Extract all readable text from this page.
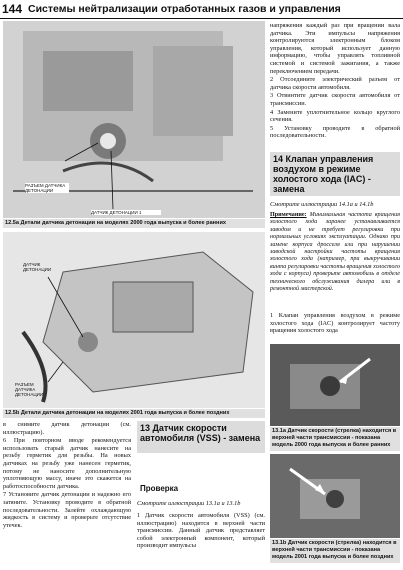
144 Системы нейтрализации отработанных газов и управления
РАЗЪЕМ ДАТЧИКА ДЕТОНАЦИИ
ДАТЧИК ДЕТОНАЦИИ 1
12.5а Детали датчика детонации на моделях 2000 года выпуска и более ранних
ДАТЧИК ДЕТОНАЦИИ
РАЗЪЕМ ДАТЧИКА ДЕТОНАЦИИ
12.5b Детали датчика детонации на моделях 2001 года выпуска и более поздних

напряжения каждый раз при вращении вала датчика. Эти импульсы напряжения контролируются электронным блоком управления, который использует данную информацию, чтобы управлять топливной системой и системой зажигания, а также переключением передачи.

2 Отсоедините электрический разъем от датчика скорости автомобиля.

3 Отвинтите датчик скорости автомобиля от трансмиссии.

4 Замените уплотнительное кольцо круглого сечения.

5 Установку проводите в обратной последовательности.

14 Клапан управления воздухом в режиме холостого хода (IAC) - замена
Смотрите иллюстрации 14.1a и 14.1b
Примечание: Минимальная частота вращения холостого хода заранее устанавливается заводом и не требует регулировки при нормальных условиях эксплуатации. Однако при замене корпуса дросселя или при нарушении заводской настройки частоты вращения холостого хода (например, при выкручивании винта регулировки частоты вращения холостого хода с корпуса) проверьте автомобиль в отделе технического обслуживания дилера или в ремонтной мастерской.
1 Клапан управления воздухом в режиме холостого хода (IAC) контролирует частоту вращения холостого хода
13.1a Датчик скорости (стрелка) находится в верхней части трансмиссии - показана модель 2000 года выпуска и более ранних
13.1b Датчик скорости (стрелка) находится в верхней части трансмиссии - показана модель 2001 года выпуска и более поздних

в снимите датчик детонации (см. иллюстрацию).

6 При повторном вводе рекомендуется использовать старый датчик нанесите на резьбу герметик для резьбы. На новых датчиках на резьбу уже нанесен герметик, потому не наносите дополнительную уплотняющую массу, иначе это скажется на работоспособности датчика.

7 Установите датчик детонации и надежно его затяните. Установку проводите в обратной последовательности. Залейте охлаждающую жидкость в систему и проверьте отсутствие утечек.

13 Датчик скорости автомобиля (VSS) - замена
Проверка
Смотрите иллюстрации 13.1a и 13.1b
1 Датчик скорости автомобиля (VSS) (см. иллюстрацию) находится в верхней части трансмиссии. Данный датчик представляет собой электронный компонент, который производит импульсы
